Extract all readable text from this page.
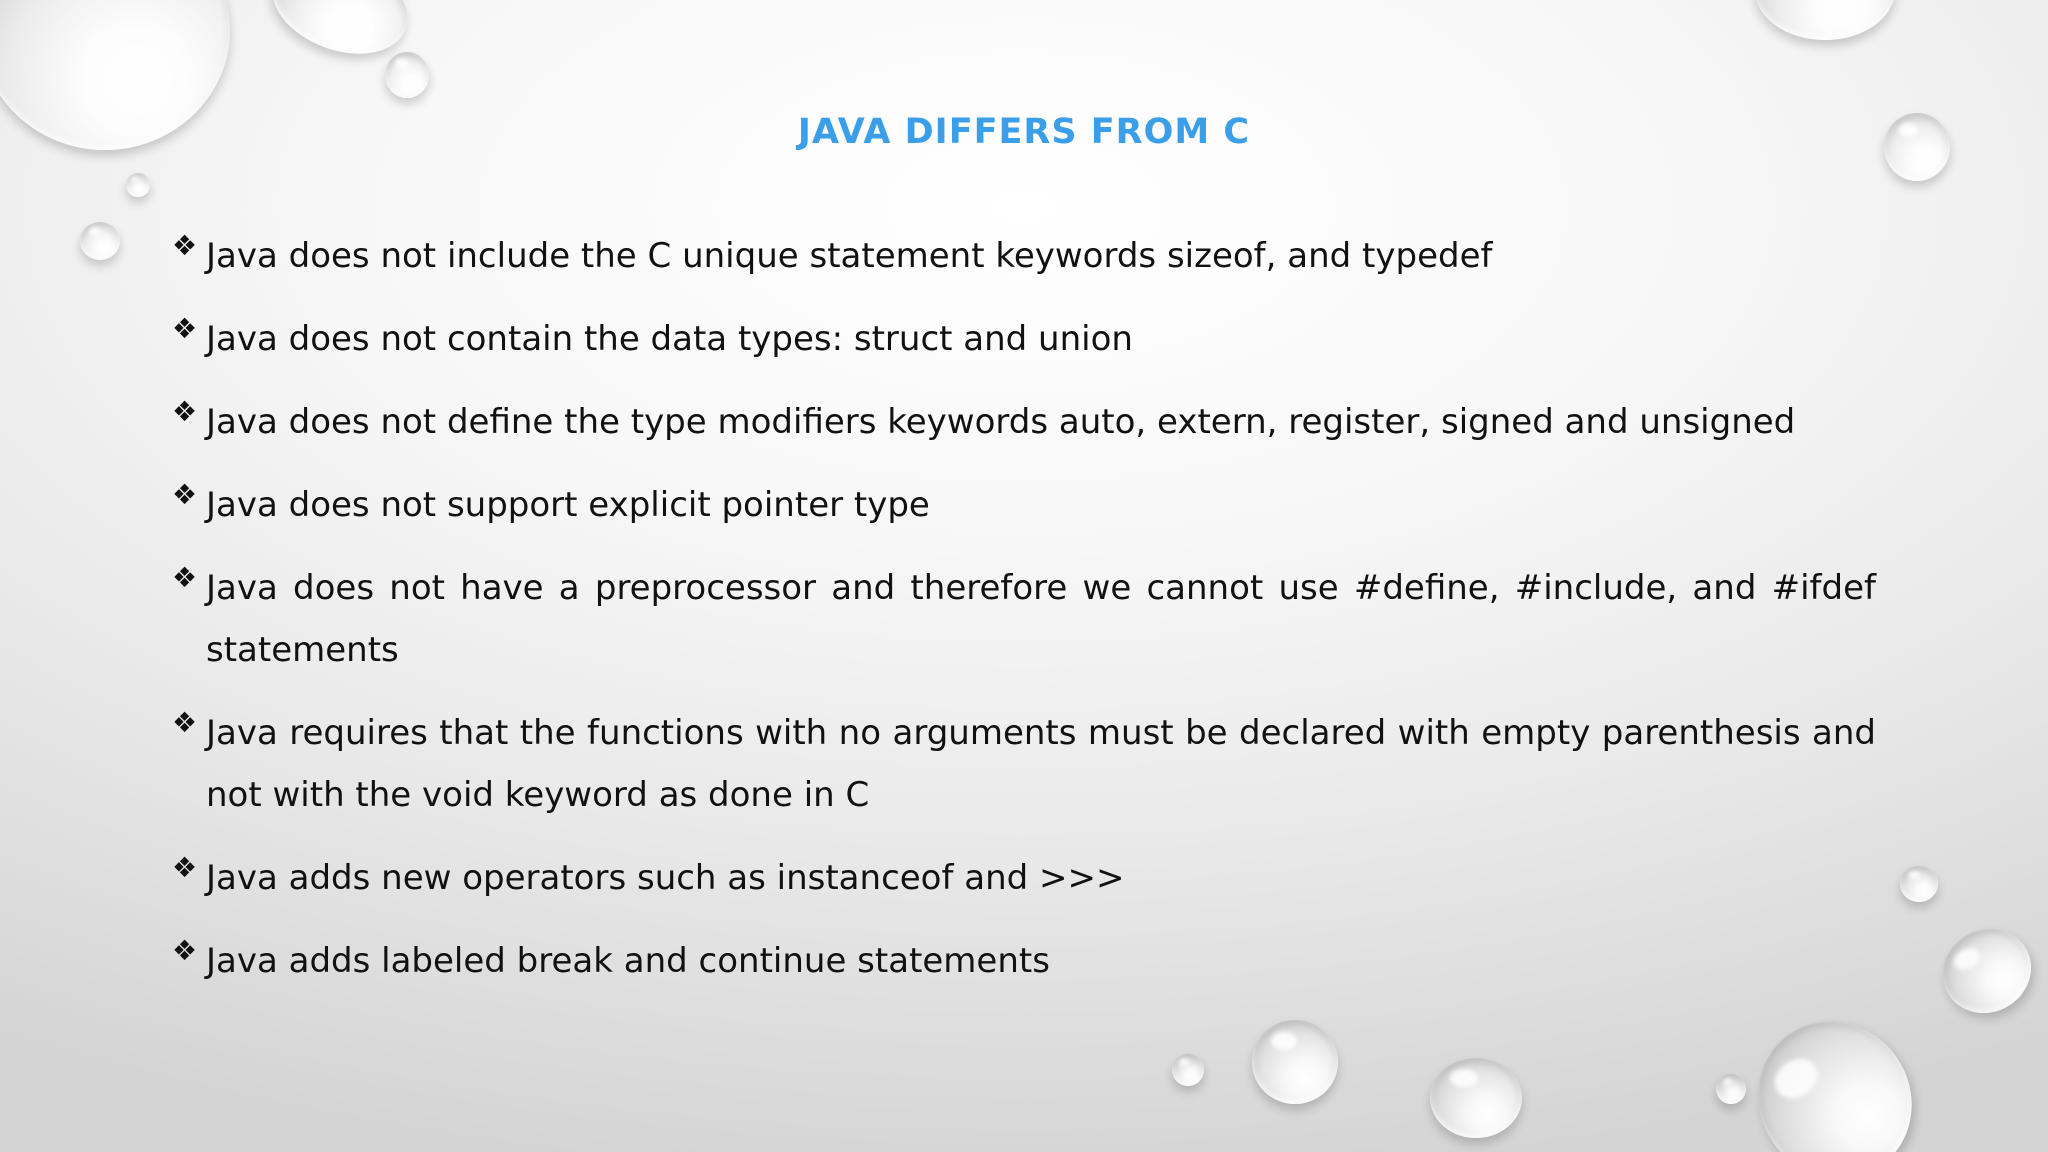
JAVA DIFFERS FROM C
❖ Java does not include the C unique statement keywords sizeof, and typedef
❖ Java does not contain the data types: struct and union
❖ Java does not define the type modifiers keywords auto, extern, register, signed and unsigned
❖ Java does not support explicit pointer type
❖ Java does not have a preprocessor and therefore we cannot use #define, #include, and #ifdef statements
❖ Java requires that the functions with no arguments must be declared with empty parenthesis and not with the void keyword as done in C
❖ Java adds new operators such as instanceof and >>>
❖ Java adds labeled break and continue statements
